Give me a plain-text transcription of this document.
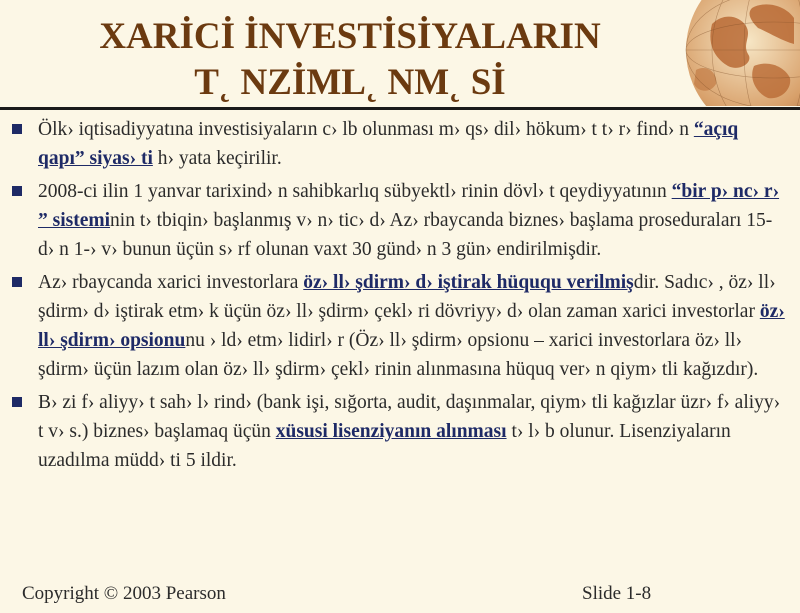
XARİCİ İNVESTİSİYALARIN
T˛ NZİML˛ NM˛ Sİ
Ölk› iqtisadiyyatına investisiyaların c› lb olunması m› qs› dil› hökum› t t› r› find› n “açıq qapı” siyas› ti h› yata keçirilir.
2008-ci ilin 1 yanvar tarixind› n sahibkarlıq sübyektl› rinin dövl› t qeydiyyatının “bir p› nc› r› ” sisteminin t› tbiqin› başlanmış v› n› tic› d› Az› rbaycanda biznes› başlama proseduraları 15-d› n 1-› v› bunun üçün s› rf olunan vaxt 30 günd› n 3 gün› endirilmişdir.
Az› rbaycanda xarici investorlara öz› ll› şdirm› d› iştirak hüququ verilmişdir. Sadıc› , öz› ll› şdirm› d› iştirak etm› k üçün öz› ll› şdirm› çekl› ri dövriyy› d› olan zaman xarici investorlar öz› ll› şdirm› opsionunu › ld› etm› lidirl› r (Öz› ll› şdirm› opsionu – xarici investorlara öz› ll› şdirm› üçün lazım olan öz› ll› şdirm› çekl› rinin alınmasına hüquq ver› n qiym› tli kağızdır).
B› zi f› aliyy› t sah› l› rind› (bank işi, sığorta, audit, daşınmalar, qiym› tli kağızlar üzr› f› aliyy› t v› s.) biznes› başlamaq üçün xüsusi lisenziyanın alınması t› l› b olunur. Lisenziyaların uzadılma müdd› ti 5 ildir.
Copyright © 2003 Pearson	Slide 1-8
